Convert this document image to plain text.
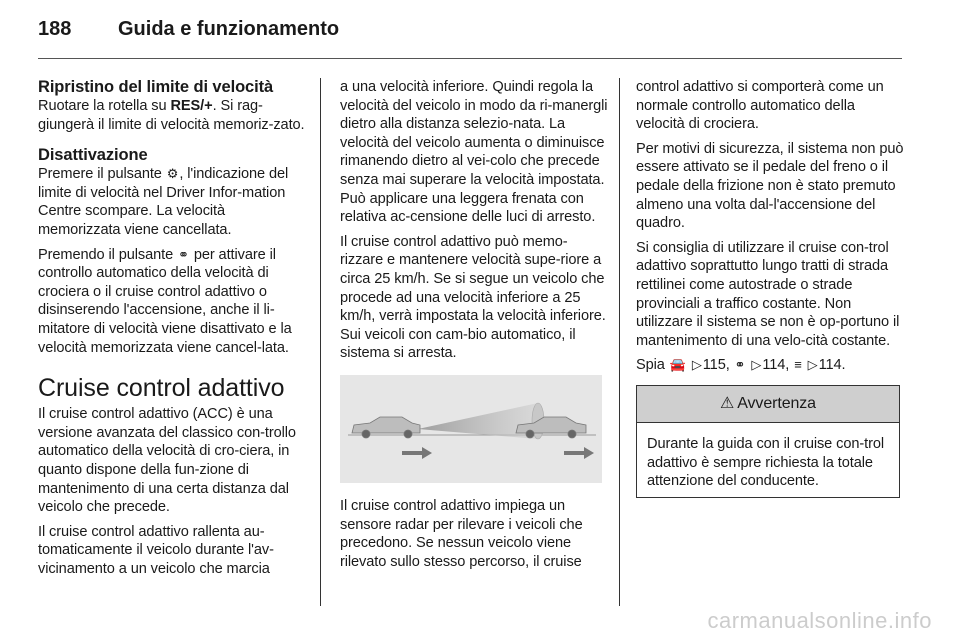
188	Guida e funzionamento
Ripristino del limite di velocità

Ruotare la rotella su RES/+. Si rag-giungerà il limite di velocità memoriz-zato.

Disattivazione

Premere il pulsante ⚙, l'indicazione del limite di velocità nel Driver Infor-mation Centre scompare. La velocità memorizzata viene cancellata.

Premendo il pulsante ⚭ per attivare il controllo automatico della velocità di crociera o il cruise control adattivo o disinserendo l'accensione, anche il li-mitatore di velocità viene disattivato e la velocità memorizzata viene cancel-lata.

Cruise control adattivo

Il cruise control adattivo (ACC) è una versione avanzata del classico con-trollo automatico della velocità di cro-ciera, in quanto dispone della fun-zione di mantenimento di una certa distanza dal veicolo che precede.

Il cruise control adattivo rallenta au-tomaticamente il veicolo durante l'av-vicinamento a un veicolo che marcia

a una velocità inferiore. Quindi regola la velocità del veicolo in modo da ri-manergli dietro alla distanza selezio-nata. La velocità del veicolo aumenta o diminuisce rimanendo dietro al vei-colo che precede senza mai superare la velocità impostata. Può applicare una leggera frenata con relativa ac-censione delle luci di arresto.

Il cruise control adattivo può memo-rizzare e mantenere velocità supe-riore a circa 25 km/h. Se si segue un veicolo che procede ad una velocità inferiore a 25 km/h, verrà impostata la velocità inferiore. Sui veicoli con cam-bio automatico, il sistema si arresta.

Il cruise control adattivo impiega un sensore radar per rilevare i veicoli che precedono. Se nessun veicolo viene rilevato sullo stesso percorso, il cruise

control adattivo si comporterà come un normale controllo automatico della velocità di crociera.

Per motivi di sicurezza, il sistema non può essere attivato se il pedale del freno o il pedale della frizione non è stato premuto almeno una volta dal-l'accensione del quadro.

Si consiglia di utilizzare il cruise con-trol adattivo soprattutto lungo tratti di strada rettilinei come autostrade o strade provinciali a traffico costante. Non utilizzare il sistema se non è op-portuno il mantenimento di una velo-cità costante.

Spia 🚘 ▷115, ⚭ ▷114, ≡ ▷114.

⚠ Avvertenza
Durante la guida con il cruise con-trol adattivo è sempre richiesta la totale attenzione del conducente.
carmanualsonline.info
